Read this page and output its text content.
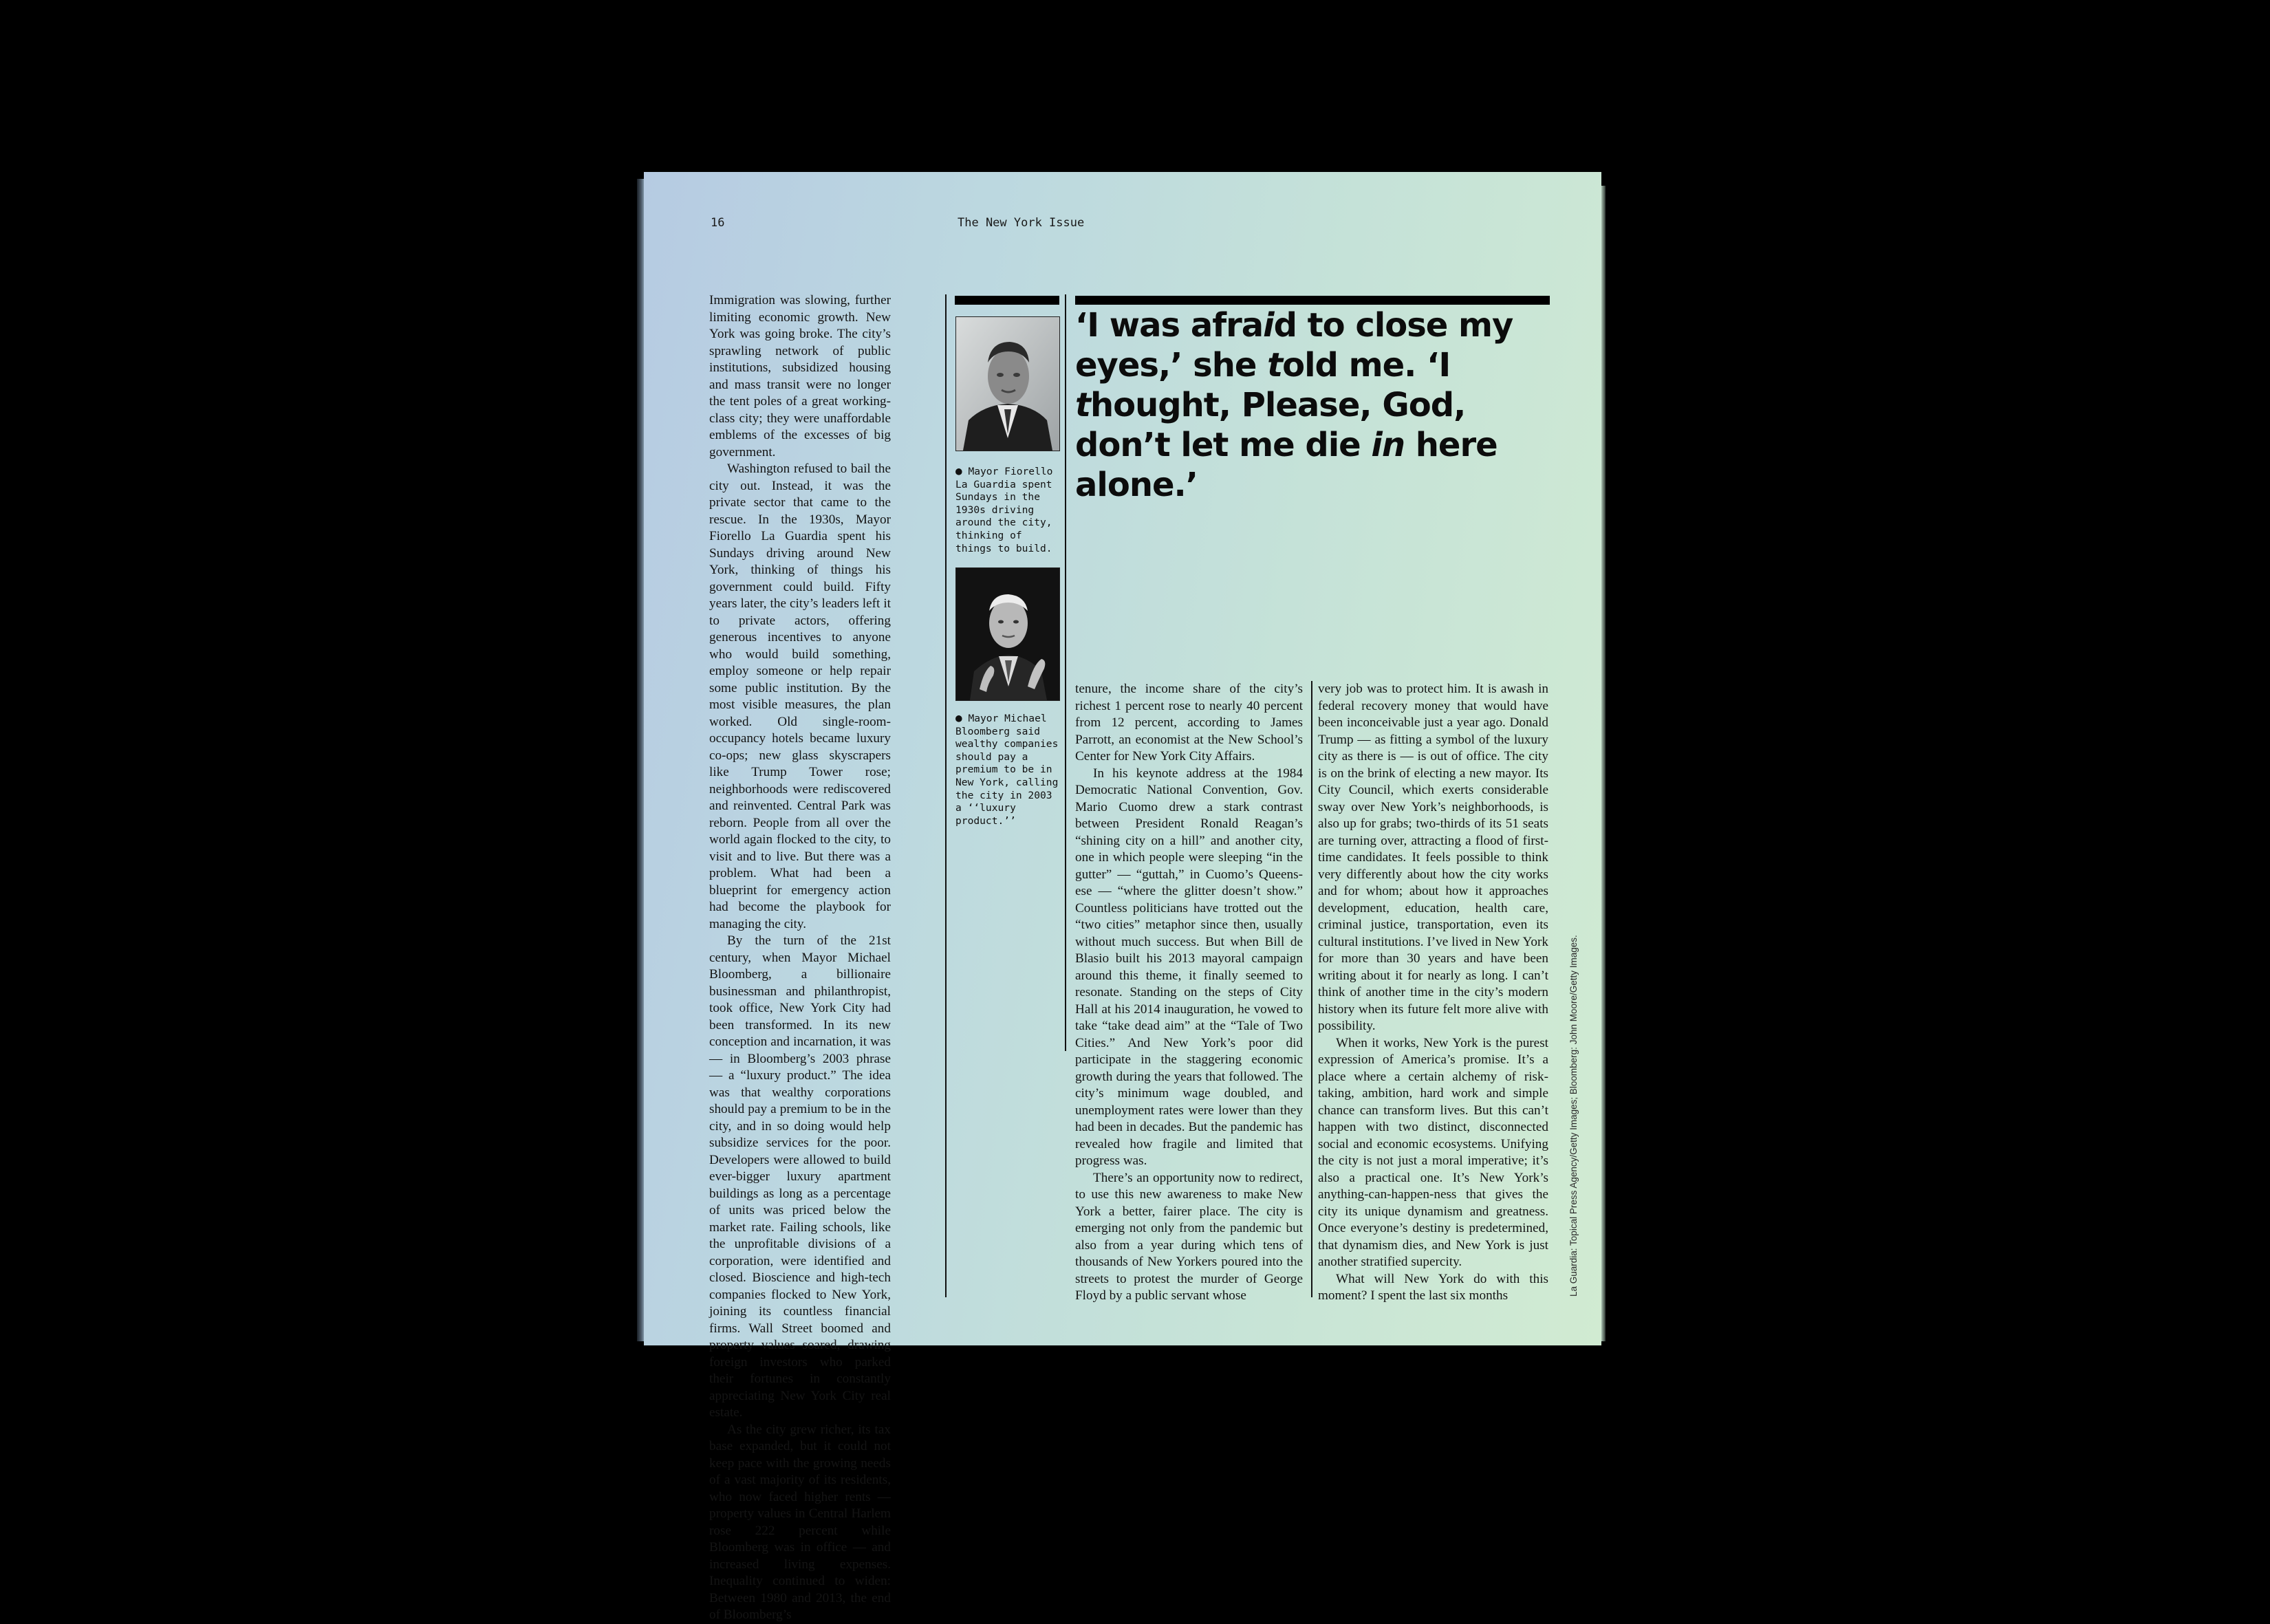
16	The New York Issue

Immigration was slowing, further limiting economic growth. New York was going broke. The city’s sprawling network of public institutions, subsidized housing and mass transit were no longer the tent poles of a great working-class city; they were unaffordable emblems of the excesses of big government.

Washington refused to bail the city out. Instead, it was the private sector that came to the rescue. In the 1930s, Mayor Fiorello La Guardia spent his Sundays driving around New York, thinking of things his government could build. Fifty years later, the city’s leaders left it to private actors, offering generous incentives to anyone who would build something, employ someone or help repair some public institution. By the most visible measures, the plan worked. Old single-room-occupancy hotels became luxury co-ops; new glass skyscrapers like Trump Tower rose; neighborhoods were rediscovered and reinvented. Central Park was reborn. People from all over the world again flocked to the city, to visit and to live. But there was a problem. What had been a blueprint for emergency action had become the playbook for managing the city.

By the turn of the 21st century, when Mayor Michael Bloomberg, a billionaire businessman and philanthropist, took office, New York City had been transformed. In its new conception and incarnation, it was — in Bloomberg’s 2003 phrase — a “luxury product.” The idea was that wealthy corporations should pay a premium to be in the city, and in so doing would help subsidize services for the poor. Developers were allowed to build ever-bigger luxury apartment buildings as long as a percentage of units was priced below the market rate. Failing schools, like the unprofitable divisions of a corporation, were identified and closed. Bioscience and high-tech companies flocked to New York, joining its countless financial firms. Wall Street boomed and property values soared, drawing foreign investors who parked their fortunes in constantly appreciating New York City real estate.

As the city grew richer, its tax base expanded, but it could not keep pace with the growing needs of a vast majority of its residents, who now faced higher rents — property values in Central Harlem rose 222 percent while Bloomberg was in office — and increased living expenses. Inequality continued to widen: Between 1980 and 2013, the end of Bloomberg’s

● Mayor Fiorello La Guardia spent Sundays in the 1930s driving around the city, thinking of things to build.
● Mayor Michael Bloomberg said wealthy companies should pay a premium to be in New York, calling the city in 2003 a ‘‘luxury product.’’
‘I was afraid to close my eyes,’ she told me. ‘I thought, Please, God, don’t let me die in here alone.’

tenure, the income share of the city’s richest 1 percent rose to nearly 40 percent from 12 percent, according to James Parrott, an economist at the New School’s Center for New York City Affairs.

In his keynote address at the 1984 Democratic National Convention, Gov. Mario Cuomo drew a stark contrast between President Ronald Reagan’s “shining city on a hill” and another city, one in which people were sleeping “in the gutter” — “guttah,” in Cuomo’s Queens-ese — “where the glitter doesn’t show.” Countless politicians have trotted out the “two cities” metaphor since then, usually without much success. But when Bill de Blasio built his 2013 mayoral campaign around this theme, it finally seemed to resonate. Standing on the steps of City Hall at his 2014 inauguration, he vowed to take “take dead aim” at the “Tale of Two Cities.” And New York’s poor did participate in the staggering economic growth during the years that followed. The city’s minimum wage doubled, and unemployment rates were lower than they had been in decades. But the pandemic has revealed how fragile and limited that progress was.

There’s an opportunity now to redirect, to use this new awareness to make New York a better, fairer place. The city is emerging not only from the pandemic but also from a year during which tens of thousands of New Yorkers poured into the streets to protest the murder of George Floyd by a public servant whose

very job was to protect him. It is awash in federal recovery money that would have been inconceivable just a year ago. Donald Trump — as fitting a symbol of the luxury city as there is — is out of office. The city is on the brink of electing a new mayor. Its City Council, which exerts considerable sway over New York’s neighborhoods, is also up for grabs; two-thirds of its 51 seats are turning over, attracting a flood of first-time candidates. It feels possible to think very differently about how the city works and for whom; about how it approaches development, education, health care, criminal justice, transportation, even its cultural institutions. I’ve lived in New York for more than 30 years and have been writing about it for nearly as long. I can’t think of another time in the city’s modern history when its future felt more alive with possibility.

When it works, New York is the purest expression of America’s promise. It’s a place where a certain alchemy of risk-taking, ambition, hard work and simple chance can transform lives. But this can’t happen with two distinct, disconnected social and economic ecosystems. Unifying the city is not just a moral imperative; it’s also a practical one. It’s New York’s anything-can-happen-ness that gives the city its unique dynamism and greatness. Once everyone’s destiny is predetermined, that dynamism dies, and New York is just another stratified supercity.

What will New York do with this moment? I spent the last six months	La Guardia: Topical Press Agency/Getty Images; Bloomberg: John Moore/Getty Images.
